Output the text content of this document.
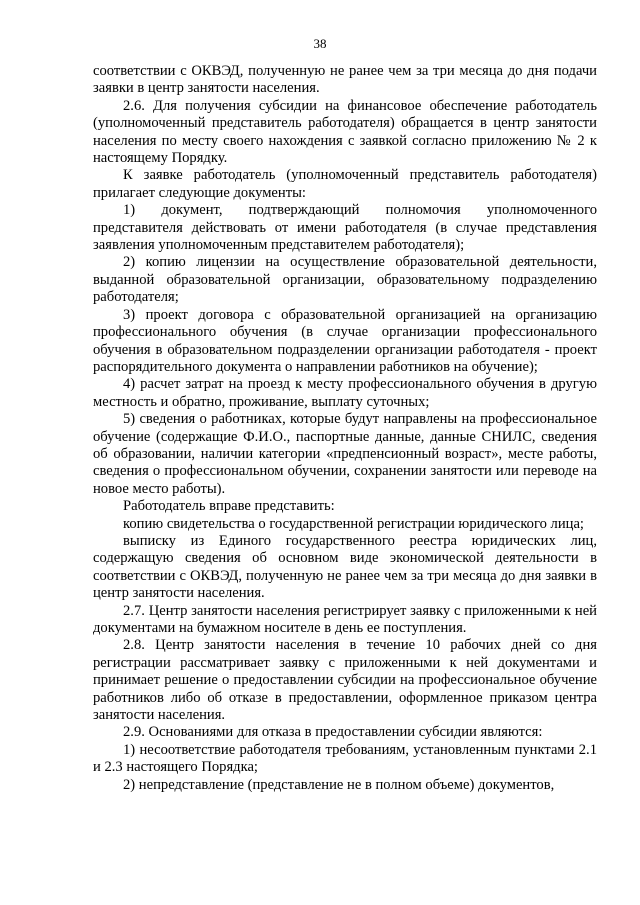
38

соответствии с ОКВЭД, полученную не ранее чем за три месяца до дня подачи заявки в центр занятости населения.

2.6. Для получения субсидии на финансовое обеспечение работодатель (уполномоченный представитель работодателя) обращается в центр занятости населения по месту своего нахождения с заявкой согласно приложению № 2 к настоящему Порядку.

К заявке работодатель (уполномоченный представитель работодателя) прилагает следующие документы:

1) документ, подтверждающий полномочия уполномоченного представителя действовать от имени работодателя (в случае представления заявления уполномоченным представителем работодателя);

2) копию лицензии на осуществление образовательной деятельности, выданной образовательной организации, образовательному подразделению работодателя;

3) проект договора с образовательной организацией на организацию профессионального обучения (в случае организации профессионального обучения в образовательном подразделении организации работодателя - проект распорядительного документа о направлении работников на обучение);

4) расчет затрат на проезд к месту профессионального обучения в другую местность и обратно, проживание, выплату суточных;

5) сведения о работниках, которые будут направлены на профессиональное обучение (содержащие Ф.И.О., паспортные данные, данные СНИЛС, сведения об образовании, наличии категории «предпенсионный возраст», месте работы, сведения о профессиональном обучении, сохранении занятости или переводе на новое место работы).

Работодатель вправе представить:

копию свидетельства о государственной регистрации юридического лица;

выписку из Единого государственного реестра юридических лиц, содержащую сведения об основном виде экономической деятельности в соответствии с ОКВЭД, полученную не ранее чем за три месяца до дня заявки в центр занятости населения.

2.7. Центр занятости населения регистрирует заявку с приложенными к ней документами на бумажном носителе в день ее поступления.

2.8. Центр занятости населения в течение 10 рабочих дней со дня регистрации рассматривает заявку с приложенными к ней документами и принимает решение о предоставлении субсидии на профессиональное обучение работников либо об отказе в предоставлении, оформленное приказом центра занятости населения.

2.9. Основаниями для отказа в предоставлении субсидии являются:

1) несоответствие работодателя требованиям, установленным пунктами 2.1 и 2.3 настоящего Порядка;

2) непредставление (представление не в полном объеме) документов,
